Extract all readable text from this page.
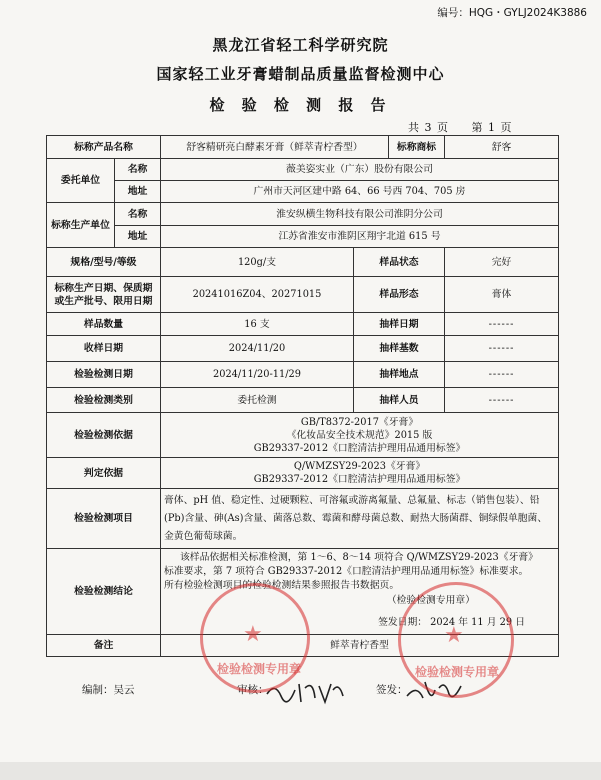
编号：HQG・GYLJ2024K3886
黑龙江省轻工科学研究院
国家轻工业牙膏蜡制品质量监督检测中心
检 验 检 测 报 告
共 3 页 第 1 页
标称产品名称		舒客精研亮白酵素牙膏（鲜萃青柠香型）		标称商标	舒客
委托单位	名称	薇美姿实业（广东）股份有限公司			
	地址	广州市天河区建中路 64、66 号西 704、705 房			
标称生产单位	名称	淮安纵横生物科技有限公司淮阴分公司			
	地址	江苏省淮安市淮阴区翔宇北道 615 号			
规格/型号/等级		120g/支	样品状态		完好
标称生产日期、保质期或生产批号、限用日期		20241016Z04、20271015	样品形态		膏体
样品数量		16 支	抽样日期		------
收样日期		2024/11/20	抽样基数		------
检验检测日期		2024/11/20-11/29	抽样地点		------
检验检测类别		委托检测	抽样人员		------
检验检测依据		GB/T8372-2017《牙膏》
《化妆品安全技术规范》2015 版
GB29337-2012《口腔清洁护理用品通用标签》			

判定依据		Q/WMZSY29-2023《牙膏》
GB29337-2012《口腔清洁护理用品通用标签》			

检验检测项目		膏体、pH 值、稳定性、过硬颗粒、可溶氟或游离氟量、总氟量、标志（销售包装）、铅(Pb)含量、砷(As)含量、菌落总数、霉菌和酵母菌总数、耐热大肠菌群、铜绿假单胞菌、金黄色葡萄球菌。			
检验检测结论		该样品依据相关标准检测，第 1～6、8～14 项符合 Q/WMZSY29-2023《牙膏》
标准要求，第 7 项符合 GB29337-2012《口腔清洁护理用品通用标签》标准要求。
所有检验检测项目的检验检测结果参照报告书数据页。
（检验检测专用章）
签发日期： 2024 年 11 月 29 日			

备注		鲜萃青柠香型			
编制：吴云	审核：	签发：
检验检测专用章
★
检验检测专用章
★
